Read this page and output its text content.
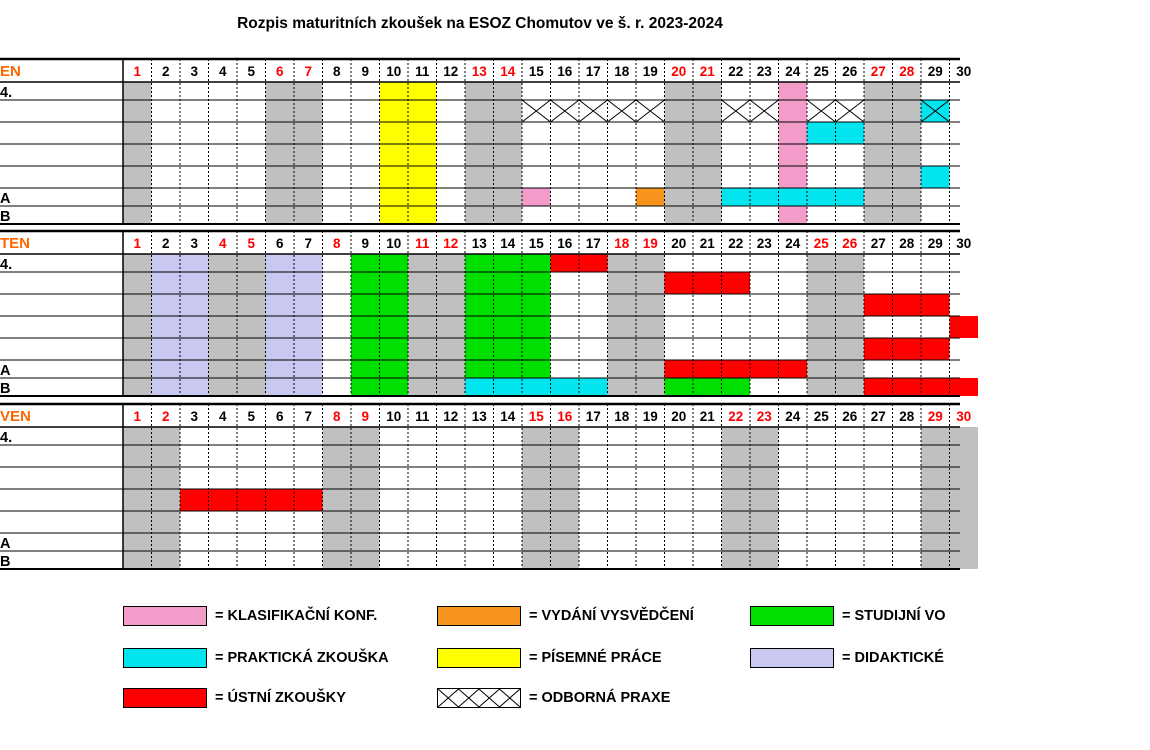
Rozpis maturitních zkoušek na ESOZ Chomutov ve š. r. 2023-2024
EN	1 2 3 4 5 6 7 8 9 10 11 12 13 14 15 16 17 18 19 20 21 22 23 24 25 26 27 28 29 30
4.
A
B
TEN	1 2 3 4 5 6 7 8 9 10 11 12 13 14 15 16 17 18 19 20 21 22 23 24 25 26 27 28 29 30
4.
A
B
VEN	1 2 3 4 5 6 7 8 9 10 11 12 13 14 15 16 17 18 19 20 21 22 23 24 25 26 27 28 29 30
4.
A
B
= KLASIFIKAČNÍ KONF.	= VYDÁNÍ VYSVĚDČENÍ	= STUDIJNÍ VO
= PRAKTICKÁ ZKOUŠKA	= PÍSEMNÉ PRÁCE	= DIDAKTICKÉ
= ÚSTNÍ ZKOUŠKY	= ODBORNÁ PRAXE
